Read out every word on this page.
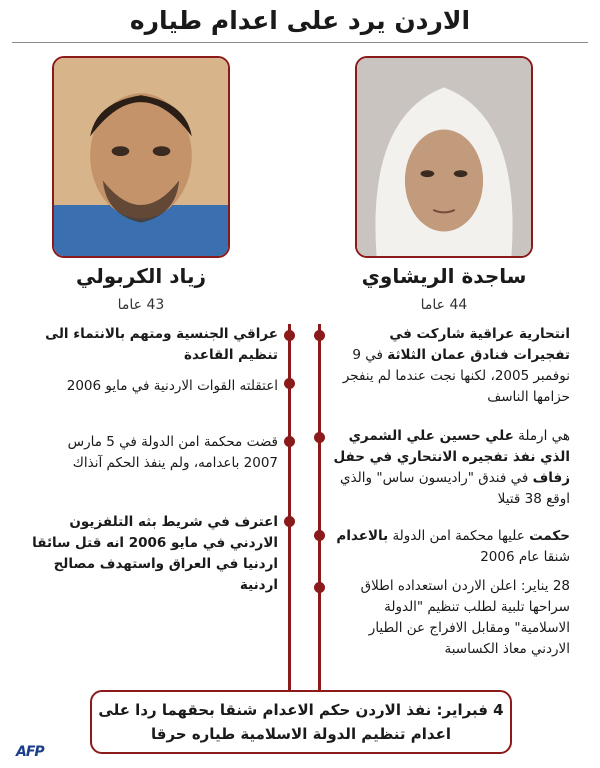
الاردن يرد على اعدام طياره
زياد الكربولي	ساجدة الريشاوي
43 عاما	44 عاما
عراقي الجنسية ومتهم بالانتماء الى تنظيم القاعدة
اعتقلته القوات الاردنية في مايو 2006
قضت محكمة امن الدولة في 5 مارس 2007 باعدامه، ولم ينفذ الحكم آنذاك
اعترف في شريط بثه التلفزيون الاردني في مايو 2006 انه قتل سائقا اردنيا في العراق واستهدف مصالح اردنية
انتحارية عراقية شاركت في تفجيرات فنادق عمان الثلاثة في 9 نوفمبر 2005، لكنها نجت عندما لم ينفجر حزامها الناسف
هي ارملة علي حسين علي الشمري الذي نفذ تفجيره الانتحاري في حفل زفاف في فندق "راديسون ساس" والذي اوقع 38 قتيلا
حكمت عليها محكمة امن الدولة بالاعدام شنقا عام 2006
28 يناير: اعلن الاردن استعداده اطلاق سراحها تلبية لطلب تنظيم "الدولة الاسلامية" ومقابل الافراج عن الطيار الاردني معاذ الكساسبة
4 فبراير: نفذ الاردن حكم الاعدام شنقا بحقهما ردا على اعدام تنظيم الدولة الاسلامية طياره حرقا
AFP
